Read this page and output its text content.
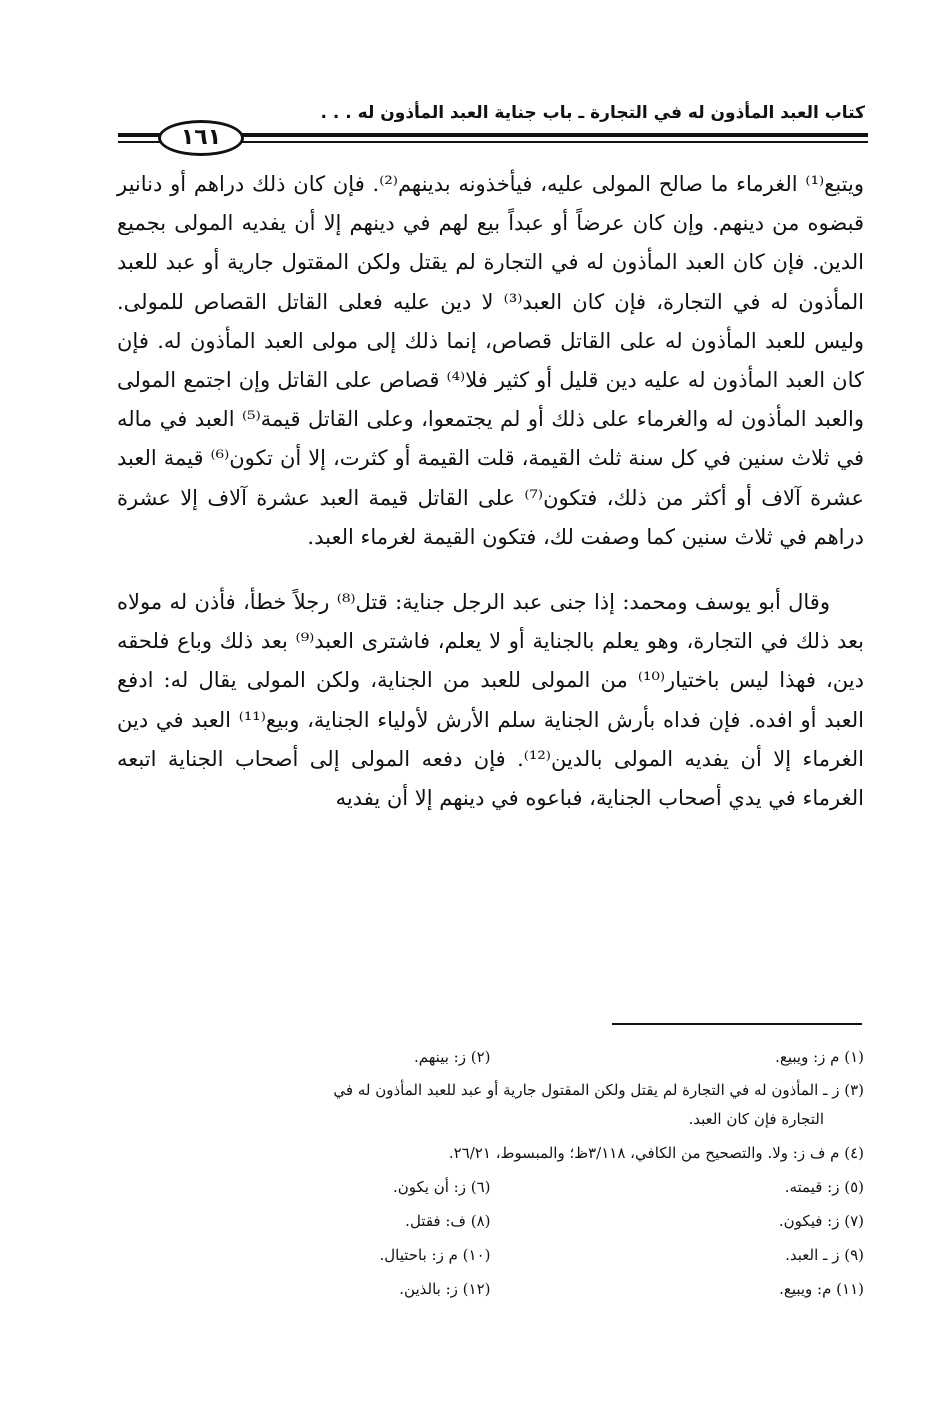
كتاب العبد المأذون له في التجارة ـ باب جناية العبد المأذون له . . .
١٦١

ويتبع⁽¹⁾ الغرماء ما صالح المولى عليه، فيأخذونه بدينهم⁽²⁾. فإن كان ذلك دراهم أو دنانير قبضوه من دينهم. وإن كان عرضاً أو عبداً بيع لهم في دينهم إلا أن يفديه المولى بجميع الدين. فإن كان العبد المأذون له في التجارة لم يقتل ولكن المقتول جارية أو عبد للعبد المأذون له في التجارة، فإن كان العبد⁽³⁾ لا دين عليه فعلى القاتل القصاص للمولى. وليس للعبد المأذون له على القاتل قصاص، إنما ذلك إلى مولى العبد المأذون له. فإن كان العبد المأذون له عليه دين قليل أو كثير فلا⁽⁴⁾ قصاص على القاتل وإن اجتمع المولى والعبد المأذون له والغرماء على ذلك أو لم يجتمعوا، وعلى القاتل قيمة⁽⁵⁾ العبد في ماله في ثلاث سنين في كل سنة ثلث القيمة، قلت القيمة أو كثرت، إلا أن تكون⁽⁶⁾ قيمة العبد عشرة آلاف أو أكثر من ذلك، فتكون⁽⁷⁾ على القاتل قيمة العبد عشرة آلاف إلا عشرة دراهم في ثلاث سنين كما وصفت لك، فتكون القيمة لغرماء العبد.

وقال أبو يوسف ومحمد: إذا جنى عبد الرجل جناية: قتل⁽⁸⁾ رجلاً خطأ، فأذن له مولاه بعد ذلك في التجارة، وهو يعلم بالجناية أو لا يعلم، فاشترى العبد⁽⁹⁾ بعد ذلك وباع فلحقه دين، فهذا ليس باختيار⁽¹⁰⁾ من المولى للعبد من الجناية، ولكن المولى يقال له: ادفع العبد أو افده. فإن فداه بأرش الجناية سلم الأرش لأولياء الجناية، وبيع⁽¹¹⁾ العبد في دين الغرماء إلا أن يفديه المولى بالدين⁽¹²⁾. فإن دفعه المولى إلى أصحاب الجناية اتبعه الغرماء في يدي أصحاب الجناية، فباعوه في دينهم إلا أن يفديه

(١) م ز: ويبيع.
(٢) ز: بينهم.
(٣) ز ـ المأذون له في التجارة لم يقتل ولكن المقتول جارية أو عبد للعبد المأذون له في
التجارة فإن كان العبد.
(٤) م ف ز: ولا. والتصحيح من الكافي، ٣/١١٨ظ؛ والمبسوط، ٢٦/٢١.
(٥) ز: قيمته.
(٦) ز: أن يكون.
(٧) ز: فيكون.
(٨) ف: فقتل.
(٩) ز ـ العبد.
(١٠) م ز: باحتيال.
(١١) م: ويبيع.
(١٢) ز: بالذين.
